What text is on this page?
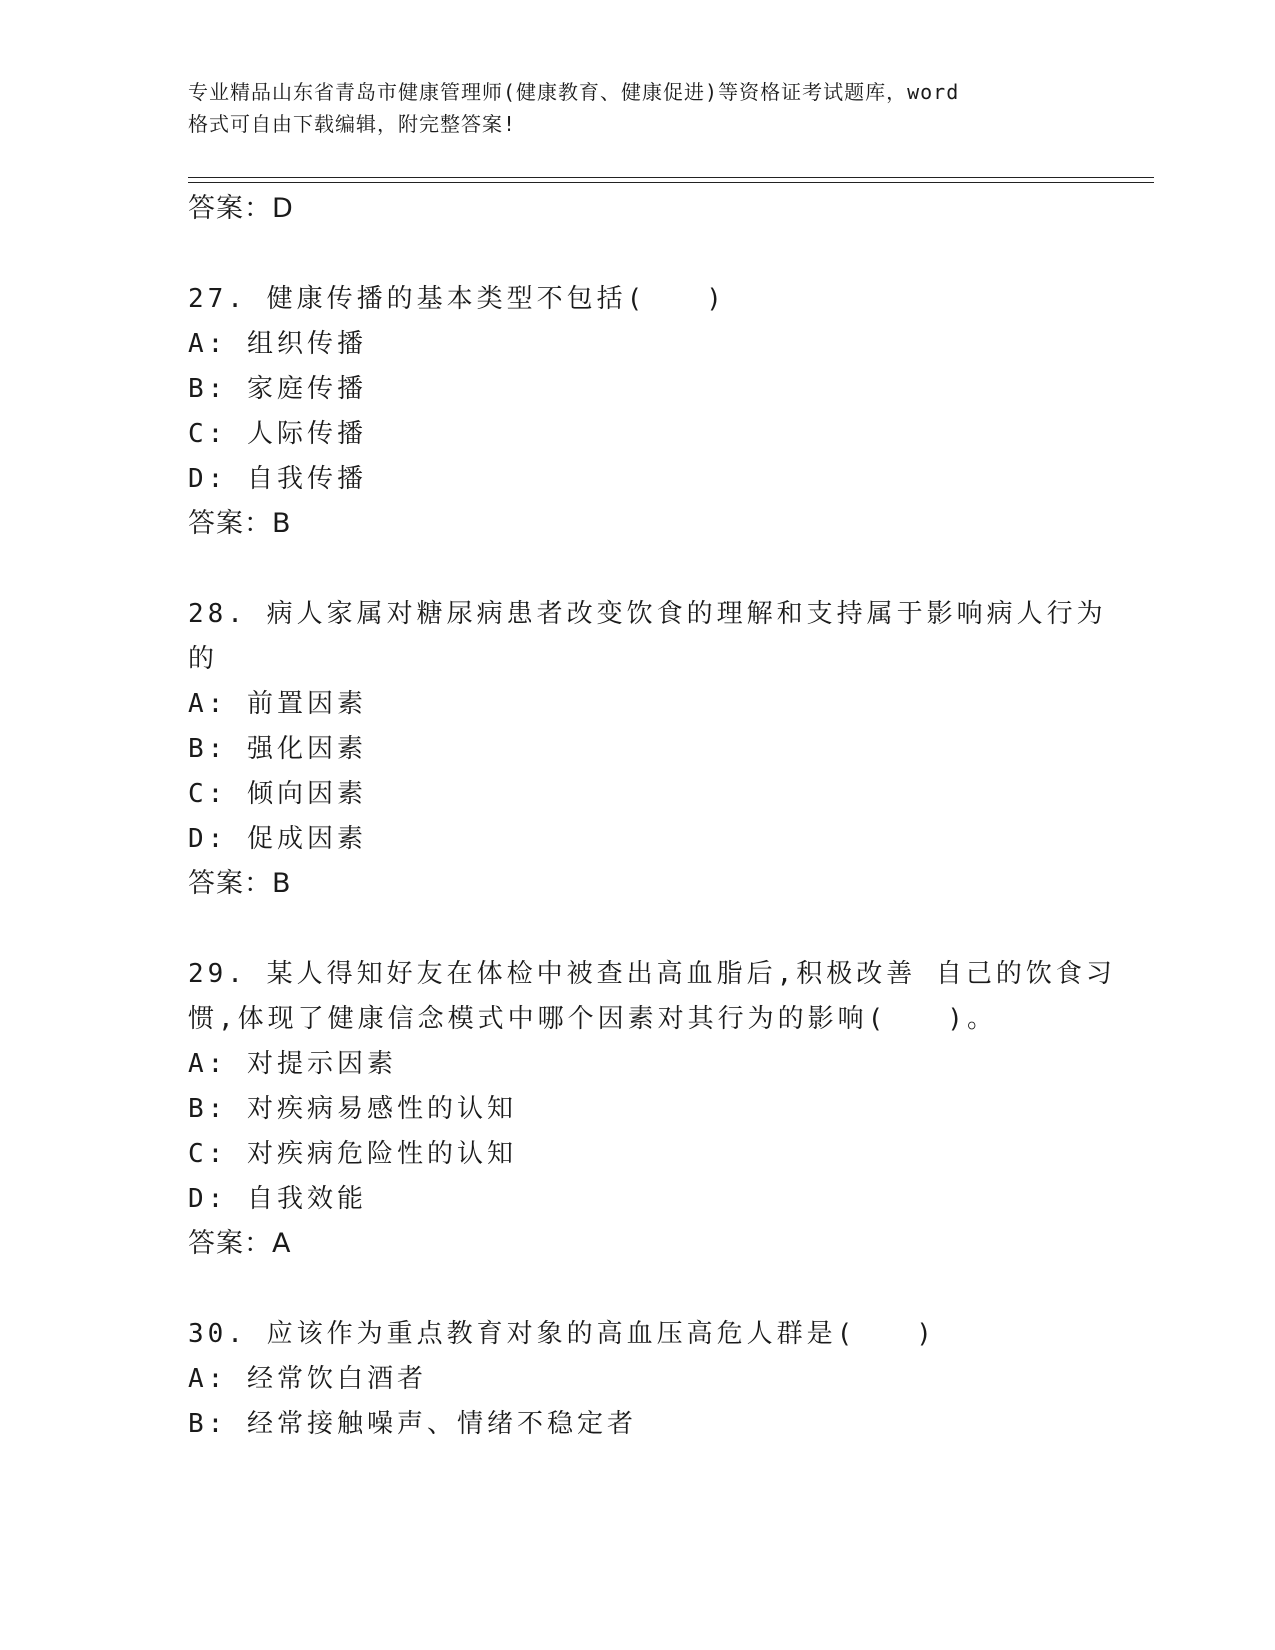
专业精品山东省青岛市健康管理师(健康教育、健康促进)等资格证考试题库，word
格式可自由下载编辑，附完整答案!
答案：D
27. 健康传播的基本类型不包括(　　)
A: 组织传播
B: 家庭传播
C: 人际传播
D: 自我传播
答案：B
28. 病人家属对糖尿病患者改变饮食的理解和支持属于影响病人行为
的
A: 前置因素
B: 强化因素
C: 倾向因素
D: 促成因素
答案：B
29. 某人得知好友在体检中被查出高血脂后,积极改善 自己的饮食习
惯,体现了健康信念模式中哪个因素对其行为的影响(　　)。
A: 对提示因素
B: 对疾病易感性的认知
C: 对疾病危险性的认知
D: 自我效能
答案：A
30. 应该作为重点教育对象的高血压高危人群是(　　)
A: 经常饮白酒者
B: 经常接触噪声、情绪不稳定者
